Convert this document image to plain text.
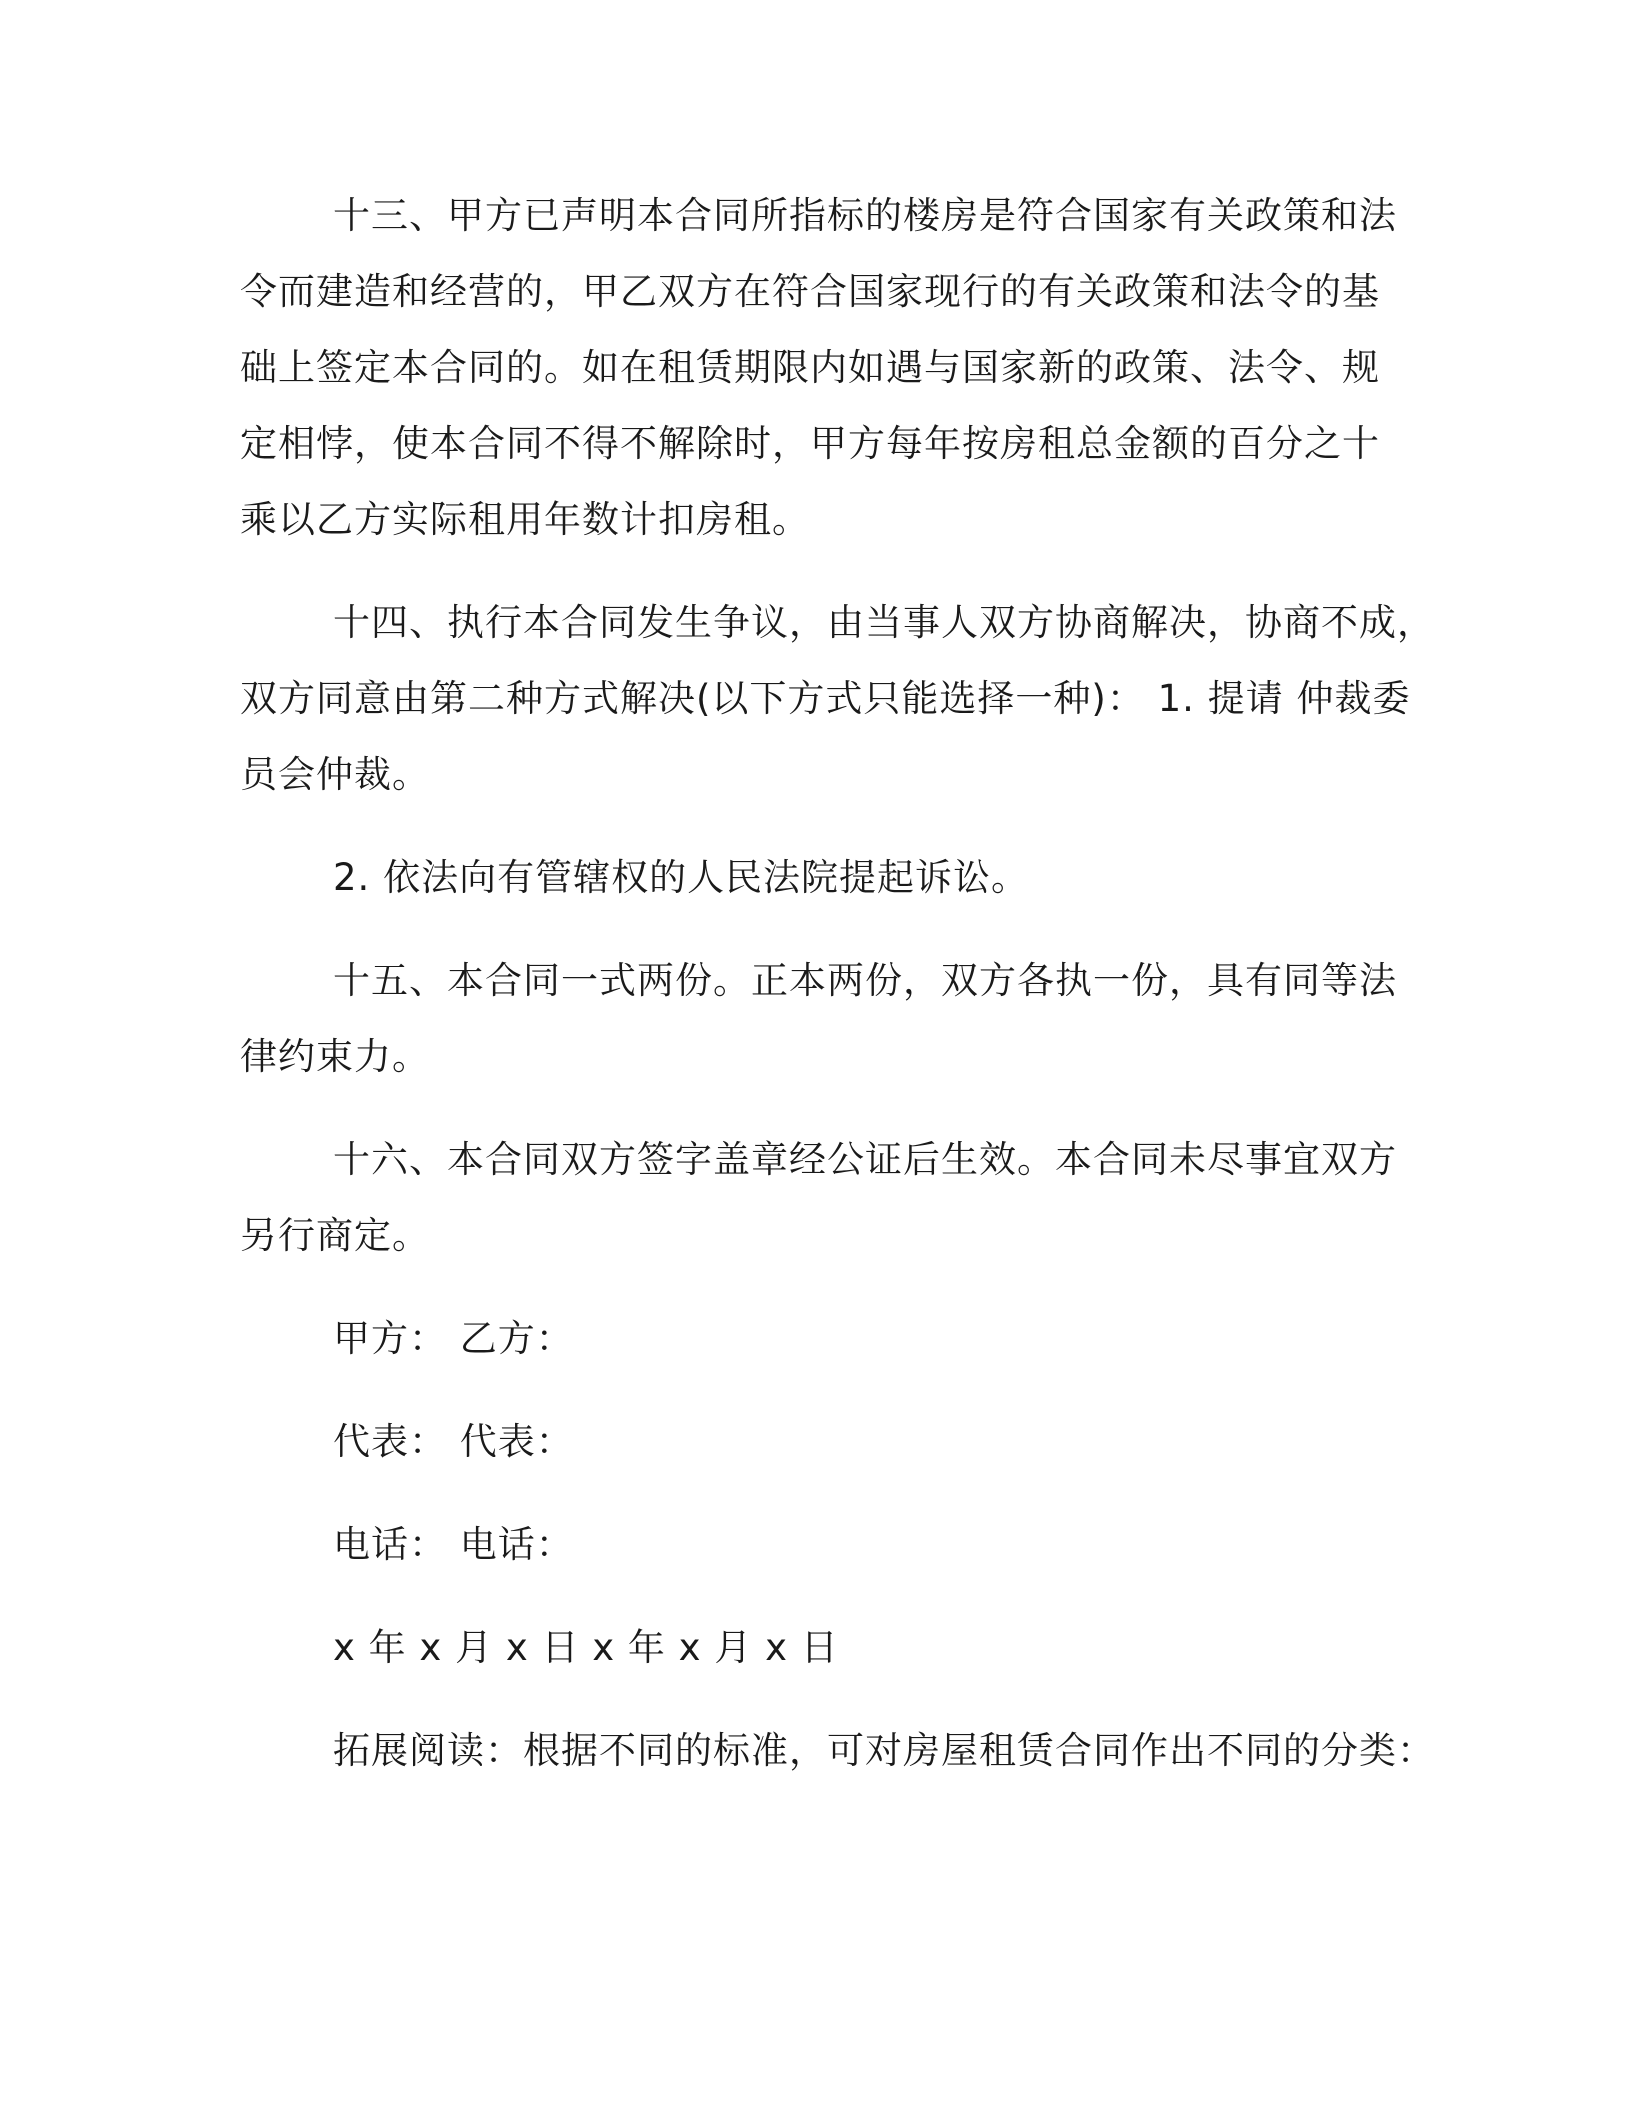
十三、甲方已声明本合同所指标的楼房是符合国家有关政策和法
令而建造和经营的，甲乙双方在符合国家现行的有关政策和法令的基
础上签定本合同的。如在租赁期限内如遇与国家新的政策、法令、规
定相悖，使本合同不得不解除时，甲方每年按房租总金额的百分之十
乘以乙方实际租用年数计扣房租。
十四、执行本合同发生争议，由当事人双方协商解决，协商不成，
双方同意由第二种方式解决(以下方式只能选择一种)： 1. 提请 仲裁委
员会仲裁。
2. 依法向有管辖权的人民法院提起诉讼。
十五、本合同一式两份。正本两份，双方各执一份，具有同等法
律约束力。
十六、本合同双方签字盖章经公证后生效。本合同未尽事宜双方
另行商定。
甲方： 乙方：
代表： 代表：
电话： 电话：
x 年 x 月 x 日 x 年 x 月 x 日
拓展阅读：根据不同的标准，可对房屋租赁合同作出不同的分类：
